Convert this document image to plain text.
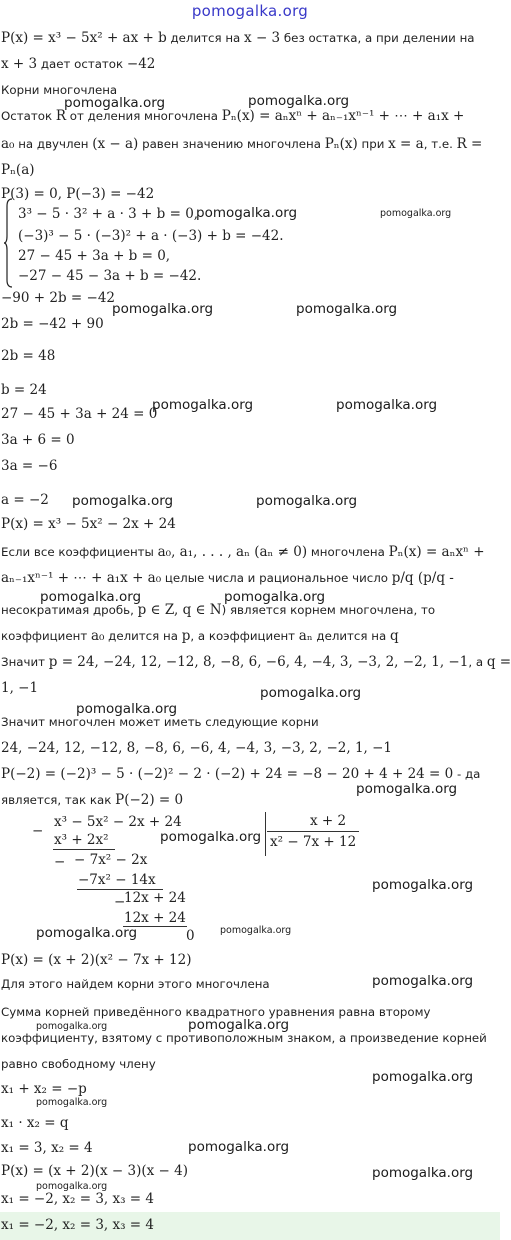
pomogalka.org
P(x) = x³ − 5x² + ax + b делится на x − 3 без остатка, а при делении на
x + 3 дает остаток −42
Корни многочлена
Остаток R от деления многочлена Pₙ(x) = aₙxⁿ + aₙ₋₁xⁿ⁻¹ + ⋯ + a₁x +
a₀ на двучлен (x − a) равен значению многочлена Pₙ(x) при x = a, т.е. R =
Pₙ(a)
P(3) = 0, P(−3) = −42
3³ − 5 · 3² + a · 3 + b = 0,
(−3)³ − 5 · (−3)² + a · (−3) + b = −42.
27 − 45 + 3a + b = 0,
−27 − 45 − 3a + b = −42.
−90 + 2b = −42
2b = −42 + 90
2b = 48
b = 24
27 − 45 + 3a + 24 = 0
3a + 6 = 0
3a = −6
a = −2
P(x) = x³ − 5x² − 2x + 24
Если все коэффициенты a₀, a₁, . . . , aₙ (aₙ ≠ 0) многочлена Pₙ(x) = aₙxⁿ +
aₙ₋₁xⁿ⁻¹ + ⋯ + a₁x + a₀ целые числа и рациональное число p/q (p/q -
несократимая дробь, p ∈ Z, q ∈ N) является корнем многочлена, то
коэффициент a₀ делится на p, а коэффициент aₙ делится на q
Значит p = 24, −24, 12, −12, 8, −8, 6, −6, 4, −4, 3, −3, 2, −2, 1, −1, а q =
1, −1
Значит многочлен может иметь следующие корни
24, −24, 12, −12, 8, −8, 6, −6, 4, −4, 3, −3, 2, −2, 1, −1
P(−2) = (−2)³ − 5 · (−2)² − 2 · (−2) + 24 = −8 − 20 + 4 + 24 = 0 - да
является, так как P(−2) = 0
−
x³ − 5x² − 2x + 24	x + 2
x² − 7x + 12
x³ + 2x²
− − 7x² − 2x
−7x² − 14x
−
12x + 24
12x + 24
0
P(x) = (x + 2)(x² − 7x + 12)
Для этого найдем корни этого многочлена
Сумма корней приведённого квадратного уравнения равна второму
коэффициенту, взятому с противоположным знаком, а произведение корней
равно свободному члену
x₁ + x₂ = −p
x₁ · x₂ = q
x₁ = 3, x₂ = 4
P(x) = (x + 2)(x − 3)(x − 4)
x₁ = −2, x₂ = 3, x₃ = 4
x₁ = −2, x₂ = 3, x₃ = 4
pomogalka.org	pomogalka.org
pomogalka.org	pomogalka.org
pomogalka.org	pomogalka.org
pomogalka.org	pomogalka.org
pomogalka.org	pomogalka.org
pomogalka.org	pomogalka.org
pomogalka.org
pomogalka.org
pomogalka.org
pomogalka.org
pomogalka.org
pomogalka.org	pomogalka.org
pomogalka.org
pomogalka.org	pomogalka.org
pomogalka.org
pomogalka.org
pomogalka.org
pomogalka.org
pomogalka.org
